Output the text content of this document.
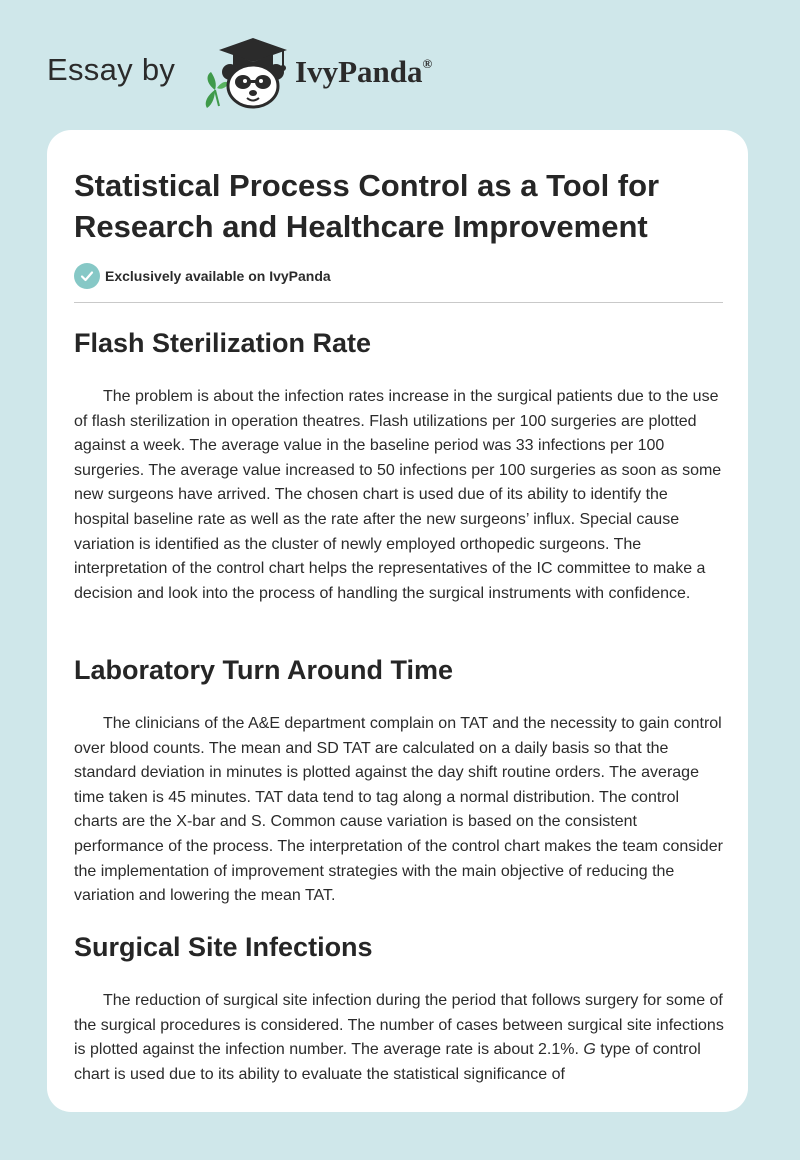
Essay by	IvyPanda®
Statistical Process Control as a Tool for Research and Healthcare Improvement
Exclusively available on IvyPanda
Flash Sterilization Rate

The problem is about the infection rates increase in the surgical patients due to the use of flash sterilization in operation theatres. Flash utilizations per 100 surgeries are plotted against a week. The average value in the baseline period was 33 infections per 100 surgeries. The average value increased to 50 infections per 100 surgeries as soon as some new surgeons have arrived. The chosen chart is used due of its ability to identify the hospital baseline rate as well as the rate after the new surgeons’ influx. Special cause variation is identified as the cluster of newly employed orthopedic surgeons. The interpretation of the control chart helps the representatives of the IC committee to make a decision and look into the process of handling the surgical instruments with confidence.

Laboratory Turn Around Time

The clinicians of the A&E department complain on TAT and the necessity to gain control over blood counts. The mean and SD TAT are calculated on a daily basis so that the standard deviation in minutes is plotted against the day shift routine orders. The average time taken is 45 minutes. TAT data tend to tag along a normal distribution. The control charts are the X-bar and S. Common cause variation is based on the consistent performance of the process. The interpretation of the control chart makes the team consider the implementation of improvement strategies with the main objective of reducing the variation and lowering the mean TAT.

Surgical Site Infections

The reduction of surgical site infection during the period that follows surgery for some of the surgical procedures is considered. The number of cases between surgical site infections is plotted against the infection number. The average rate is about 2.1%. G type of control chart is used due to its ability to evaluate the statistical significance of
